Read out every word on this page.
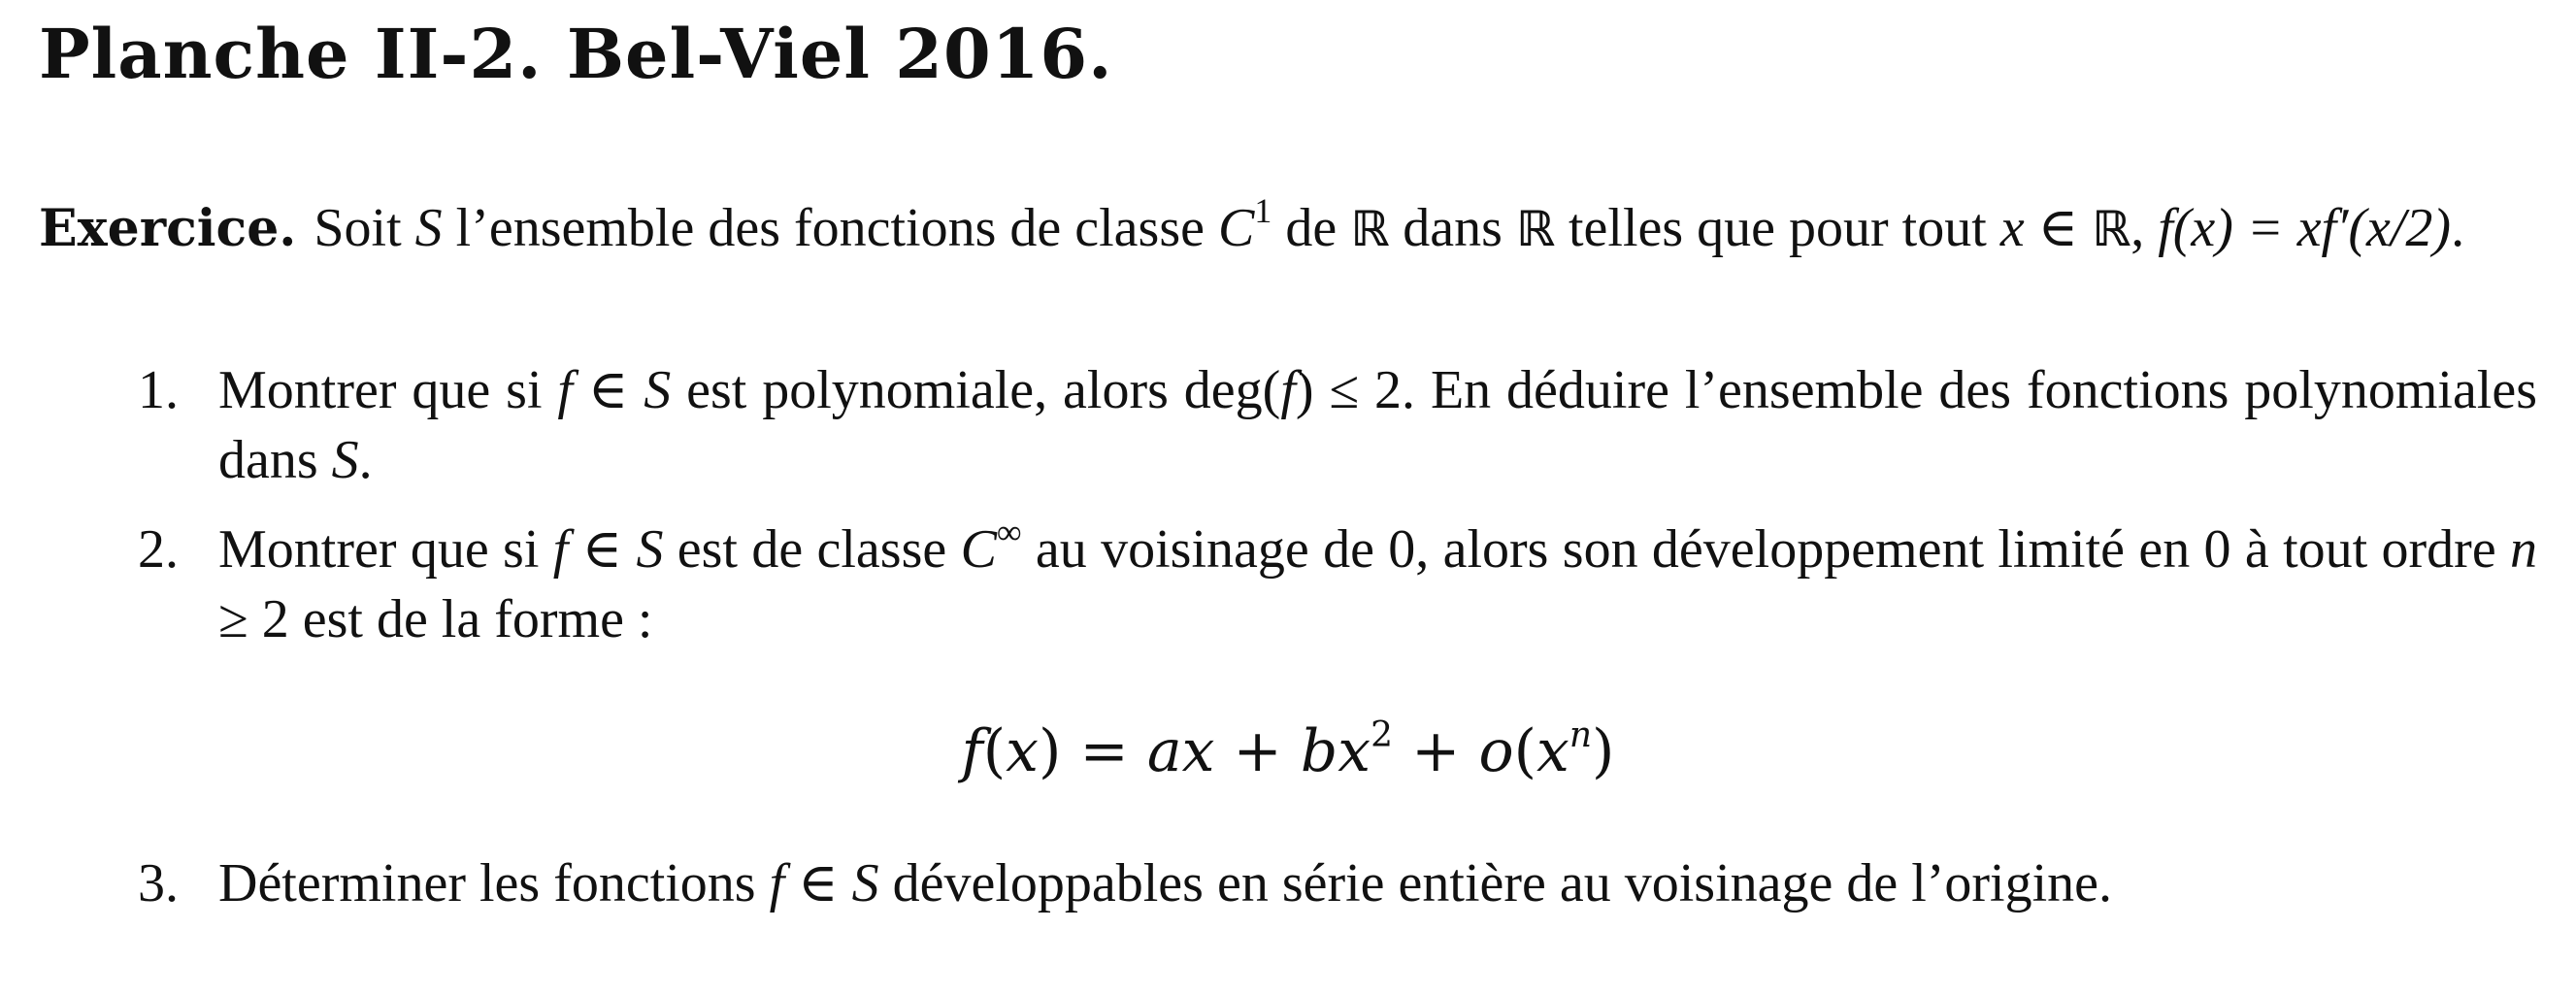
Planche II-2. Bel-Viel 2016.

Exercice. Soit S l’ensemble des fonctions de classe $C^1$ de ℝ dans ℝ telles que pour tout x ∈ ℝ, f(x) = xf′(x/2).

1. Montrer que si f ∈ S est polynomiale, alors deg(f) ≤ 2. En déduire l’ensemble des fonctions polynomiales dans S.
2. Montrer que si f ∈ S est de classe C∞ au voisinage de 0, alors son développement limité en 0 à tout ordre n ≥ 2 est de la forme :

f(x) = ax + $bx^2 + o(x^n)$

3. Déterminer les fonctions f ∈ S développables en série entière au voisinage de l’origine.
